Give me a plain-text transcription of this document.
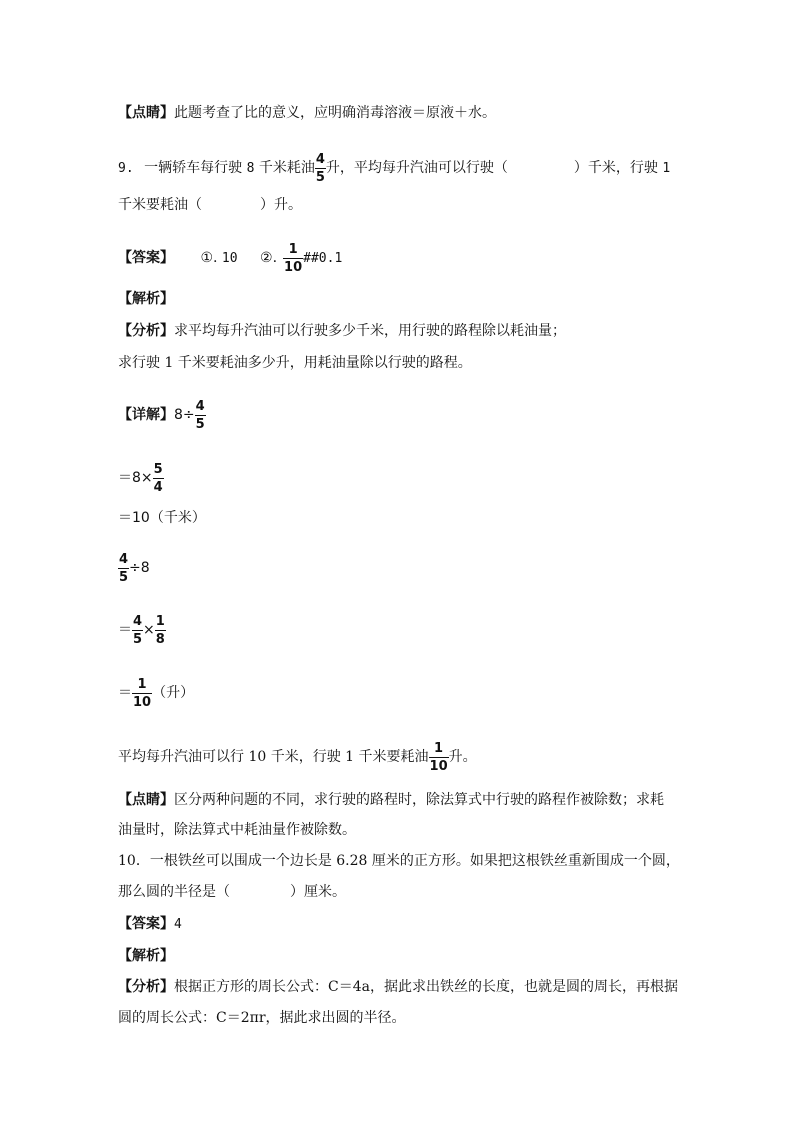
【点睛】此题考查了比的意义，应明确消毒溶液＝原液＋水。
9. 一辆轿车每行驶 8 千米耗油 $\frac{4}{5}$ 升，平均每升汽油可以行驶（	）千米，行驶 1
千米要耗油（	）升。
【答案】 ①. 10 ②. $\frac{1}{10}$ ##0.1
【解析】
【分析】求平均每升汽油可以行驶多少千米，用行驶的路程除以耗油量；
求行驶 1 千米要耗油多少升，用耗油量除以行驶的路程。
【详解】$8\div \frac{4}{5}$
$=8\times \frac{5}{4}$
＝10（千米）
$\frac{4}{5} \div 8$
＝ $\frac{4}{5} \times \frac{1}{8}$
＝ $\frac{1}{10}$ （升）
平均每升汽油可以行 10 千米，行驶 1 千米要耗油 $\frac{1}{10}$ 升。
【点睛】区分两种问题的不同，求行驶的路程时，除法算式中行驶的路程作被除数；求耗
油量时，除法算式中耗油量作被除数。
10．一根铁丝可以围成一个边长是 6.28 厘米的正方形。如果把这根铁丝重新围成一个圆，
那么圆的半径是（	）厘米。
【答案】4
【解析】
【分析】根据正方形的周长公式：C＝4a，据此求出铁丝的长度，也就是圆的周长，再根据
圆的周长公式：C＝2πr，据此求出圆的半径。
